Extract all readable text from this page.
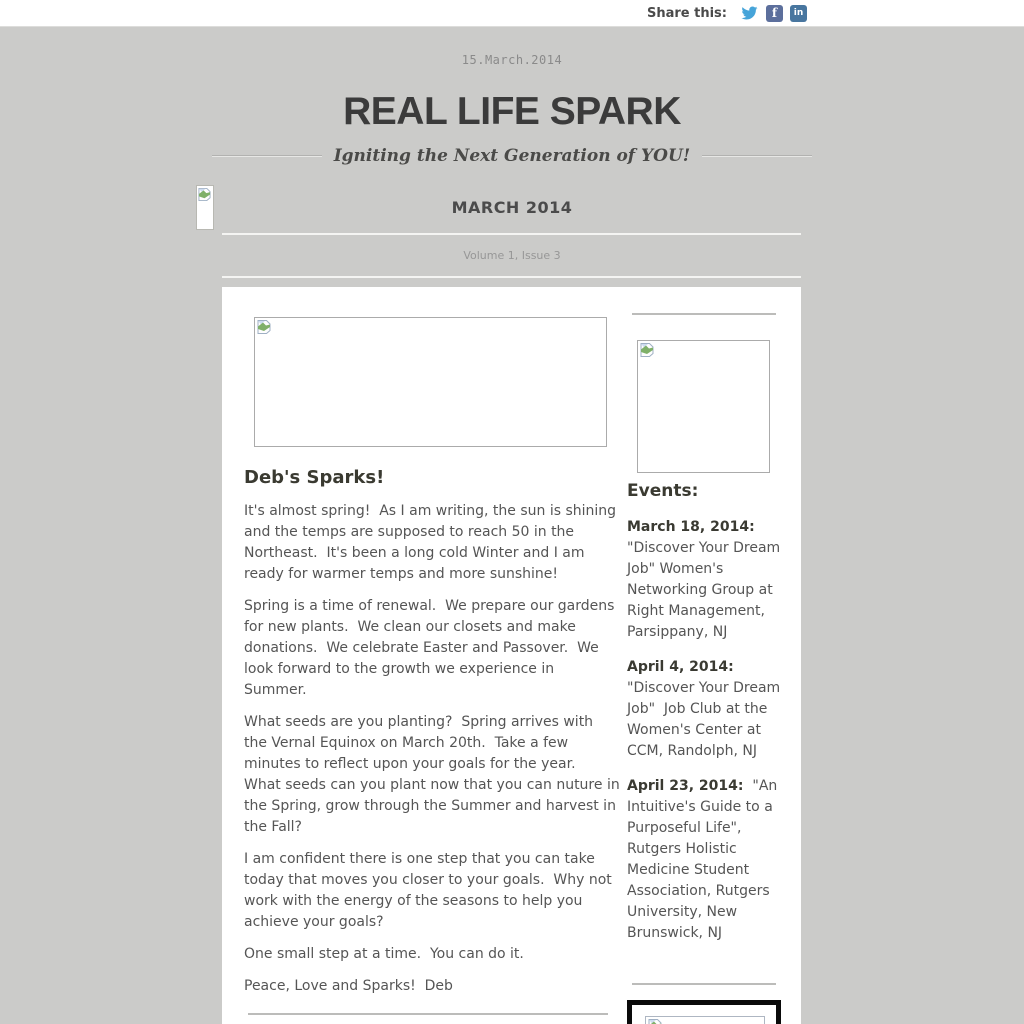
Share this:	f	in
15.March.2014
REAL LIFE SPARK
Igniting the Next Generation of YOU!
MARCH 2014
Volume 1, Issue 3
Deb's Sparks!

It's almost spring!  As I am writing, the sun is shining and the temps are supposed to reach 50 in the Northeast.  It's been a long cold Winter and I am ready for warmer temps and more sunshine!

Spring is a time of renewal.  We prepare our gardens for new plants.  We clean our closets and make donations.  We celebrate Easter and Passover.  We look forward to the growth we experience in Summer.

What seeds are you planting?  Spring arrives with the Vernal Equinox on March 20th.  Take a few minutes to reflect upon your goals for the year.   What seeds can you plant now that you can nuture in the Spring, grow through the Summer and harvest in the Fall?

I am confident there is one step that you can take today that moves you closer to your goals.  Why not work with the energy of the seasons to help you achieve your goals?

One small step at a time.  You can do it.

Peace, Love and Sparks!  Deb

Events:

March 18, 2014: "Discover Your Dream Job" Women's Networking Group at Right Management, Parsippany, NJ

April 4, 2014: "Discover Your Dream Job"  Job Club at the Women's Center at CCM, Randolph, NJ

April 23, 2014:  "An Intuitive's Guide to a Purposeful Life", Rutgers Holistic Medicine Student Association, Rutgers University, New Brunswick, NJ
